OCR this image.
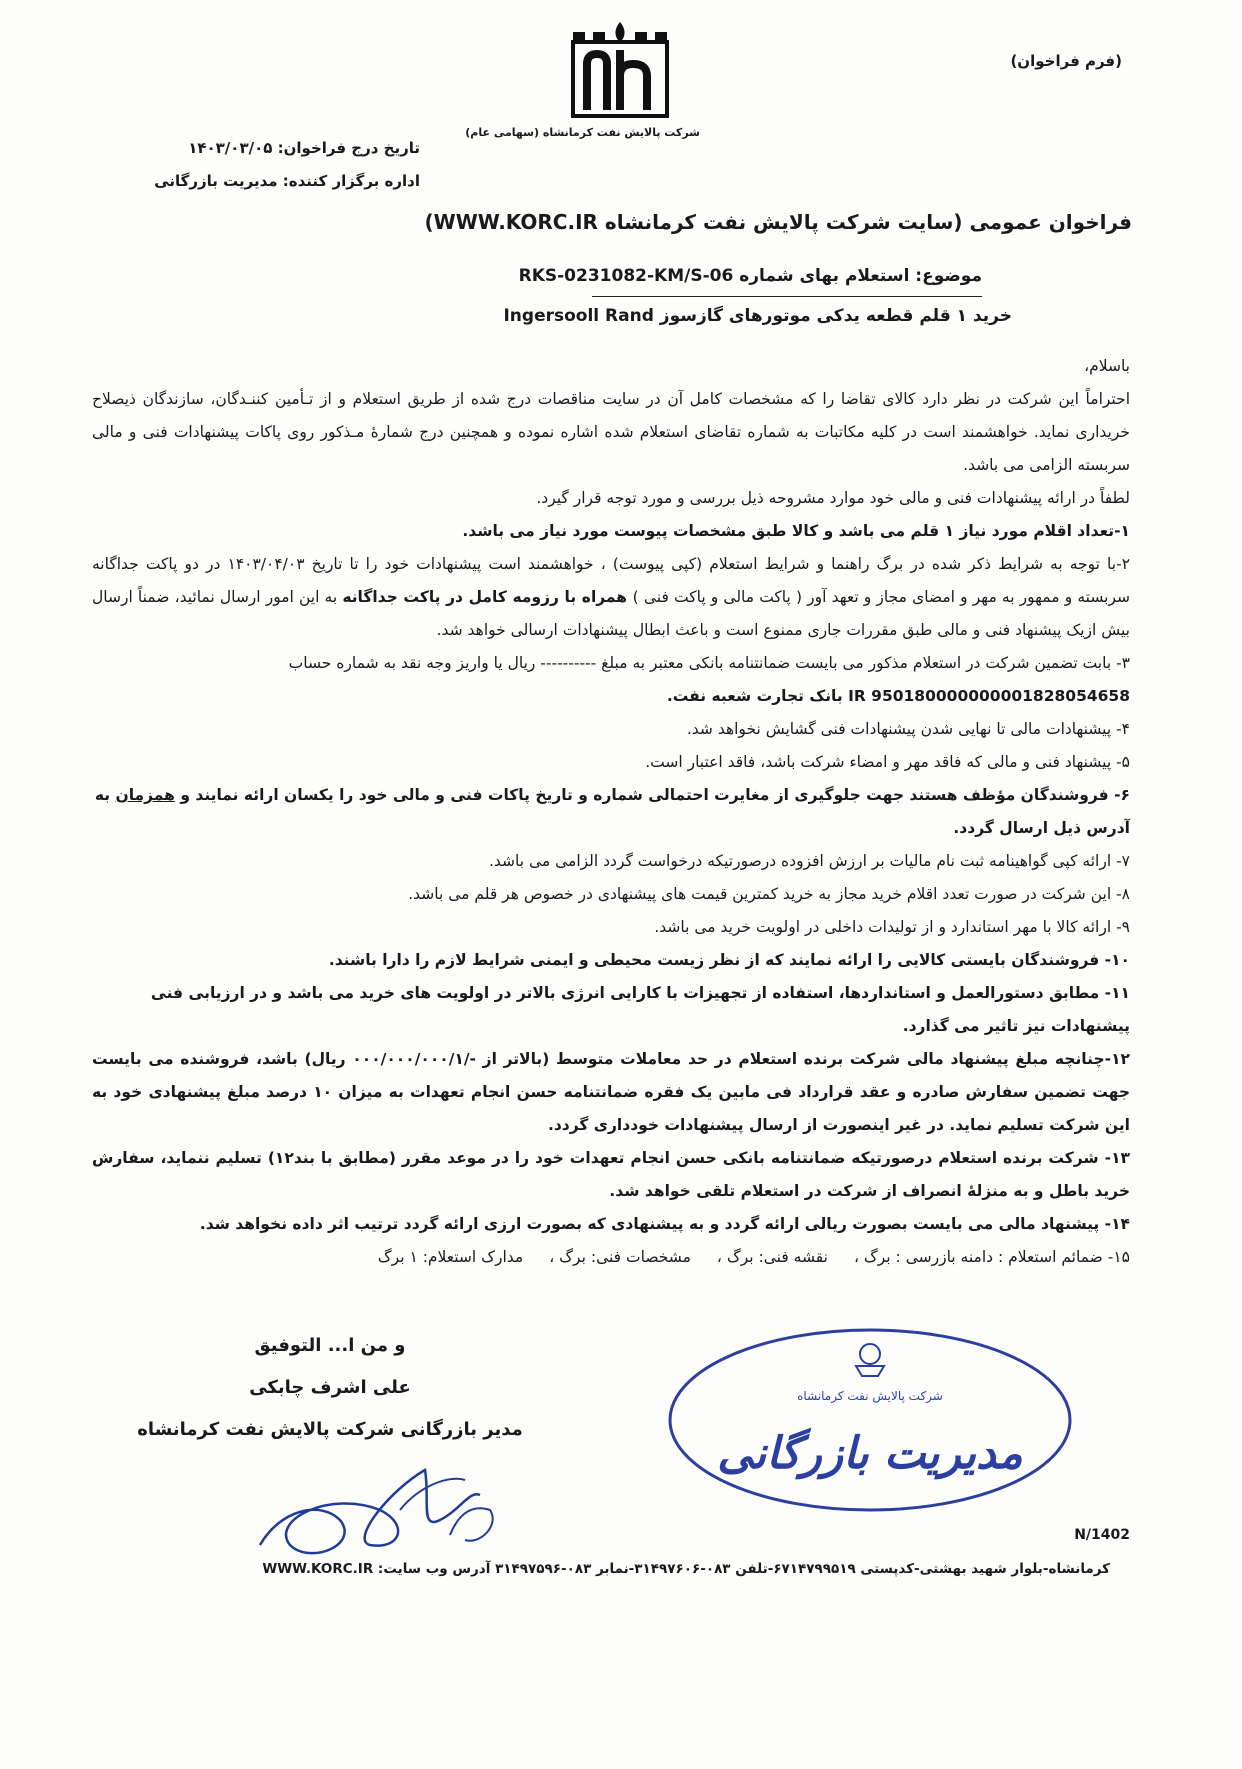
شرکت پالایش نفت کرمانشاه (سهامی عام)
(فرم فراخوان)
تاریخ درج فراخوان: ۱۴۰۳/۰۳/۰۵
اداره برگزار کننده: مدیریت بازرگانی
فراخوان عمومی (سایت شرکت پالایش نفت کرمانشاه WWW.KORC.IR)
موضوع: استعلام بهای شماره RKS-0231082-KM/S-06
خرید ۱ قلم قطعه یدکی موتورهای گازسوز Ingersooll Rand

باسلام،

احتراماً این شرکت در نظر دارد کالای تقاضا را که مشخصات کامل آن در سایت مناقصات درج شده از طریق استعلام و از تـأمین کننـدگان، سازندگان ذیصلاح خریداری نماید. خواهشمند است در کلیه مکاتبات به شماره تقاضای استعلام شده اشاره نموده و همچنین درج شمارهٔ مـذکور روی پاکات پیشنهادات فنی و مالی سربسته الزامی می باشد.

لطفاً در ارائه پیشنهادات فنی و مالی خود موارد مشروحه ذیل بررسی و مورد توجه قرار گیرد.

۱-تعداد اقلام مورد نیاز ۱ قلم می باشد و کالا طبق مشخصات پیوست مورد نیاز می باشد.

۲-با توجه به شرایط ذکر شده در برگ راهنما و شرایط استعلام (کپی پیوست) ، خواهشمند است پیشنهادات خود را تا تاریخ ۱۴۰۳/۰۴/۰۳ در دو پاکت جداگانه سربسته و ممهور به مهر و امضای مجاز و تعهد آور ( پاکت مالی و پاکت فنی ) همراه با رزومه کامل در پاکت جداگانه به این امور ارسال نمائید، ضمناً ارسال بیش ازیک پیشنهاد فنی و مالی طبق مقررات جاری ممنوع است و باعث ابطال پیشنهادات ارسالی خواهد شد.

۳- بابت تضمین شرکت در استعلام مذکور می بایست ضمانتنامه بانکی معتبر به مبلغ ---------- ریال یا واریز وجه نقد به شماره حساب
IR 950180000000001828054658 بانک تجارت شعبه نفت.

۴- پیشنهادات مالی تا نهایی شدن پیشنهادات فنی گشایش نخواهد شد.

۵- پیشنهاد فنی و مالی که فاقد مهر و امضاء شرکت باشد، فاقد اعتبار است.

۶- فروشندگان مؤظف هستند جهت جلوگیری از مغایرت احتمالی شماره و تاریخ پاکات فنی و مالی خود را یکسان ارائه نمایند و همزمان به آدرس ذیل ارسال گردد.

۷- ارائه کپی گواهینامه ثبت نام مالیات بر ارزش افزوده درصورتیکه درخواست گردد الزامی می باشد.

۸- این شرکت در صورت تعدد اقلام خرید مجاز به خرید کمترین قیمت های پیشنهادی در خصوص هر قلم می باشد.

۹- ارائه کالا با مهر استاندارد و از تولیدات داخلی در اولویت خرید می باشد.

۱۰- فروشندگان بایستی کالایی را ارائه نمایند که از نظر زیست محیطی و ایمنی شرایط لازم را دارا باشند.

۱۱- مطابق دستورالعمل و استانداردها، استفاده از تجهیزات با کارایی انرژی بالاتر در اولویت های خرید می باشد و در ارزیابی فنی پیشنهادات نیز تاثیر می گذارد.

۱۲-چنانچه مبلغ پیشنهاد مالی شرکت برنده استعلام در حد معاملات متوسط (بالاتر از -/۰۰۰/۰۰۰/۰۰۰/۱ ریال) باشد، فروشنده می بایست جهت تضمین سفارش صادره و عقد قرارداد فی مابین یک فقره ضمانتنامه حسن انجام تعهدات به میزان ۱۰ درصد مبلغ پیشنهادی خود به این شرکت تسلیم نماید. در غیر اینصورت از ارسال پیشنهادات خودداری گردد.

۱۳- شرکت برنده استعلام درصورتیکه ضمانتنامه بانکی حسن انجام تعهدات خود را در موعد مقرر (مطابق با بند۱۲) تسلیم ننماید، سفارش خرید باطل و به منزلهٔ انصراف از شرکت در استعلام تلقی خواهد شد.

۱۴- پیشنهاد مالی می بایست بصورت ریالی ارائه گردد و به پیشنهادی که بصورت ارزی ارائه گردد ترتیب اثر داده نخواهد شد.

۱۵- ضمائم استعلام : دامنه بازرسی : برگ ،نقشه فنی: برگ ،مشخصات فنی: برگ ،مدارک استعلام: ۱ برگ

و من ا... التوفیق
علی اشرف چابکی
مدیر بازرگانی شرکت پالایش نفت کرمانشاه
شرکت پالایش نفت کرمانشاه
مدیریت بازرگانی
N/1402
کرمانشاه-بلوار شهید بهشتی-کدپستی ۶۷۱۴۷۹۹۵۱۹-تلفن ۰۸۳-۳۱۴۹۷۶۰۶-نمابر ۰۸۳-۳۱۴۹۷۵۹۶ آدرس وب سایت: WWW.KORC.IR
